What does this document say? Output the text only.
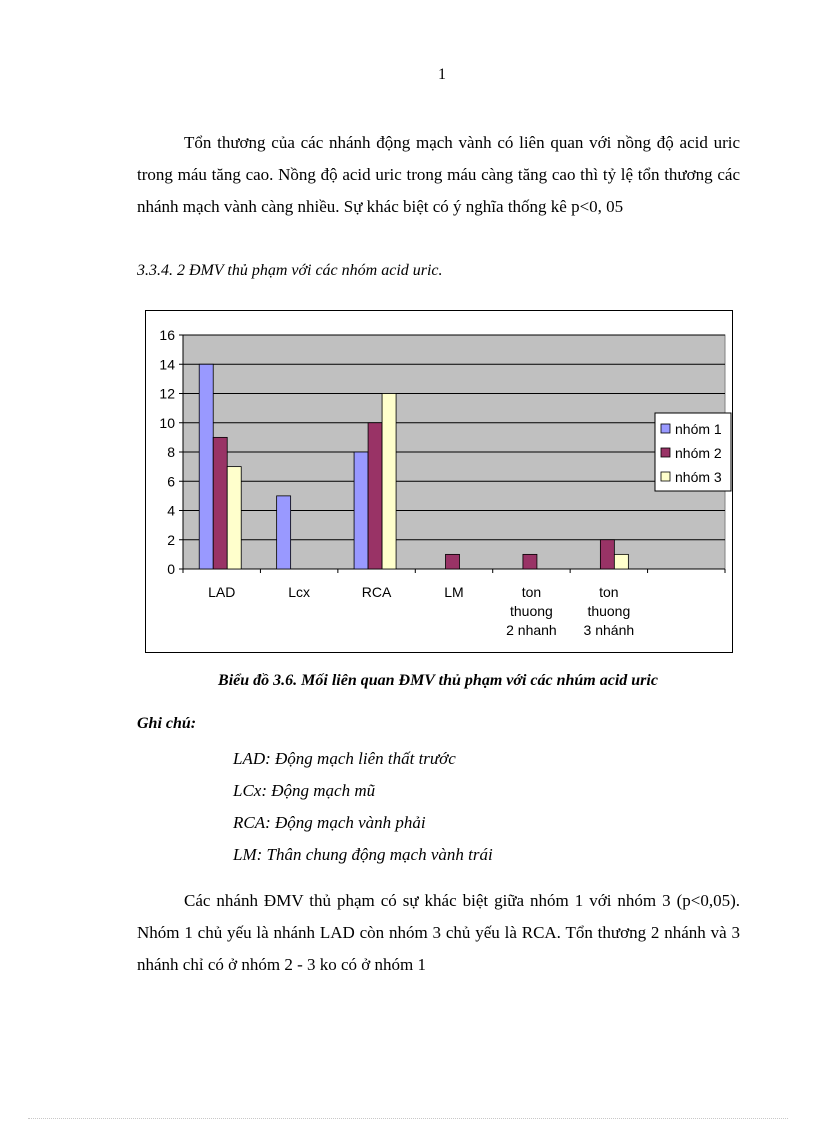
1

Tổn thương của các nhánh động mạch vành có liên quan với nồng độ acid uric trong máu tăng cao. Nồng độ acid uric trong máu càng tăng cao thì tỷ lệ tổn thương các nhánh mạch vành càng nhiều. Sự khác biệt có ý nghĩa thống kê p<0, 05

3.3.4. 2 ĐMV thủ phạm với các nhóm acid uric.

0
2
4
6
8
10
12
14
16
LAD	Lcx	RCA	LM	ton
thuong
2 nhanh
ton
thuong
3 nhánh
nhóm 1
nhóm 2
nhóm 3

Biểu đồ 3.6. Mối liên quan ĐMV thủ phạm với các nhúm acid uric

Ghi chú:

LAD: Động mạch liên thất trước
LCx: Động mạch mũ
RCA: Động mạch vành phải
LM: Thân chung động mạch vành trái

Các nhánh ĐMV thủ phạm có sự khác biệt giữa nhóm 1 với nhóm 3 (p<0,05). Nhóm 1 chủ yếu là nhánh LAD còn nhóm 3 chủ yếu là RCA. Tổn thương 2 nhánh và 3 nhánh chỉ có ở nhóm 2 - 3 ko có ở nhóm 1
